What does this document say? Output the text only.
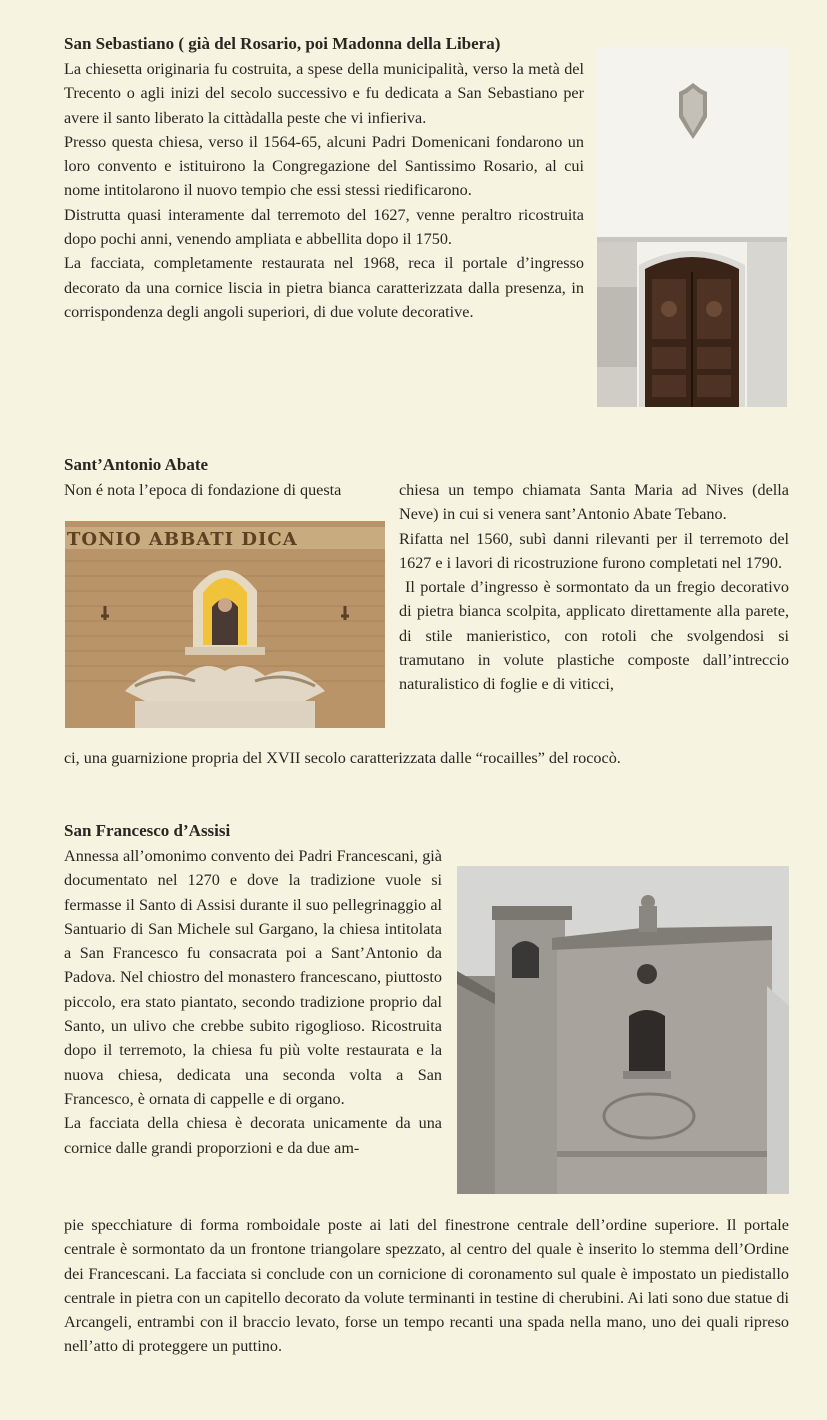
San Sebastiano ( già del Rosario, poi Madonna della Libera)

La chiesetta originaria fu costruita, a spese della municipalità, verso la metà del Trecento o agli inizi del secolo successivo e fu dedicata a San Sebastiano per avere il santo liberato la cittàdalla peste che vi infieriva.

Presso questa chiesa, verso il 1564-65, alcuni Padri Domenicani fondarono un loro convento e istituirono la Congregazione del Santissimo Rosario, al cui nome intitolarono il nuovo tempio che essi stessi riedificarono.

Distrutta quasi interamente dal terremoto del 1627, venne peraltro ricostruita dopo pochi anni, venendo ampliata e abbellita dopo il 1750.

La facciata, completamente restaurata nel 1968, reca il portale d’ingresso decorato da una cornice liscia in pietra bianca caratterizzata dalla presenza, in corrispondenza degli angoli superiori, di due volute decorative.

Sant’Antonio Abate
Non é nota l’epoca di fondazione di questa	chiesa un tempo chiamata Santa Maria ad Nives (della Neve) in cui si venera sant’Antonio Abate Tebano.

Rifatta nel 1560, subì danni rilevanti per il terremoto del 1627 e i lavori di ricostruzione furono completati nel 1790.

Il portale d’ingresso è sormontato da un fregio decorativo di pietra bianca scolpita, applicato direttamente alla parete, di stile manieristico, con rotoli che svolgendosi si tramutano in volute plastiche composte dall’intreccio naturalistico di foglie e di viticci,

ci, una guarnizione propria del XVII secolo caratterizzata dalle “rocailles” del rococò.
TONIO ABBATI DICA
San Francesco d’Assisi

Annessa all’omonimo convento dei Padri Francescani, già documentato nel 1270 e dove la tradizione vuole si fermasse il Santo di Assisi durante il suo pellegrinaggio al Santuario di San Michele sul Gargano, la chiesa intitolata a San Francesco fu consacrata poi a Sant’Antonio da Padova. Nel chiostro del monastero francescano, piuttosto piccolo, era stato piantato, secondo tradizione proprio dal Santo, un ulivo che crebbe subito rigoglioso. Ricostruita dopo il terremoto, la chiesa fu più volte restaurata e la nuova chiesa, dedicata una seconda volta a San Francesco, è ornata di cappelle e di organo.

La facciata della chiesa è decorata unicamente da una cornice dalle grandi proporzioni e da due am-

pie specchiature di forma romboidale poste ai lati del finestrone centrale dell’ordine superiore. Il portale centrale è sormontato da un frontone triangolare spezzato, al centro del quale è inserito lo stemma dell’Ordine dei Francescani. La facciata si conclude con un cornicione di coronamento sul quale è impostato un piedistallo centrale in pietra con un capitello decorato da volute terminanti in testine di cherubini. Ai lati sono due statue di Arcangeli, entrambi con il braccio levato, forse un tempo recanti una spada nella mano, uno dei quali ripreso nell’atto di proteggere un puttino.
